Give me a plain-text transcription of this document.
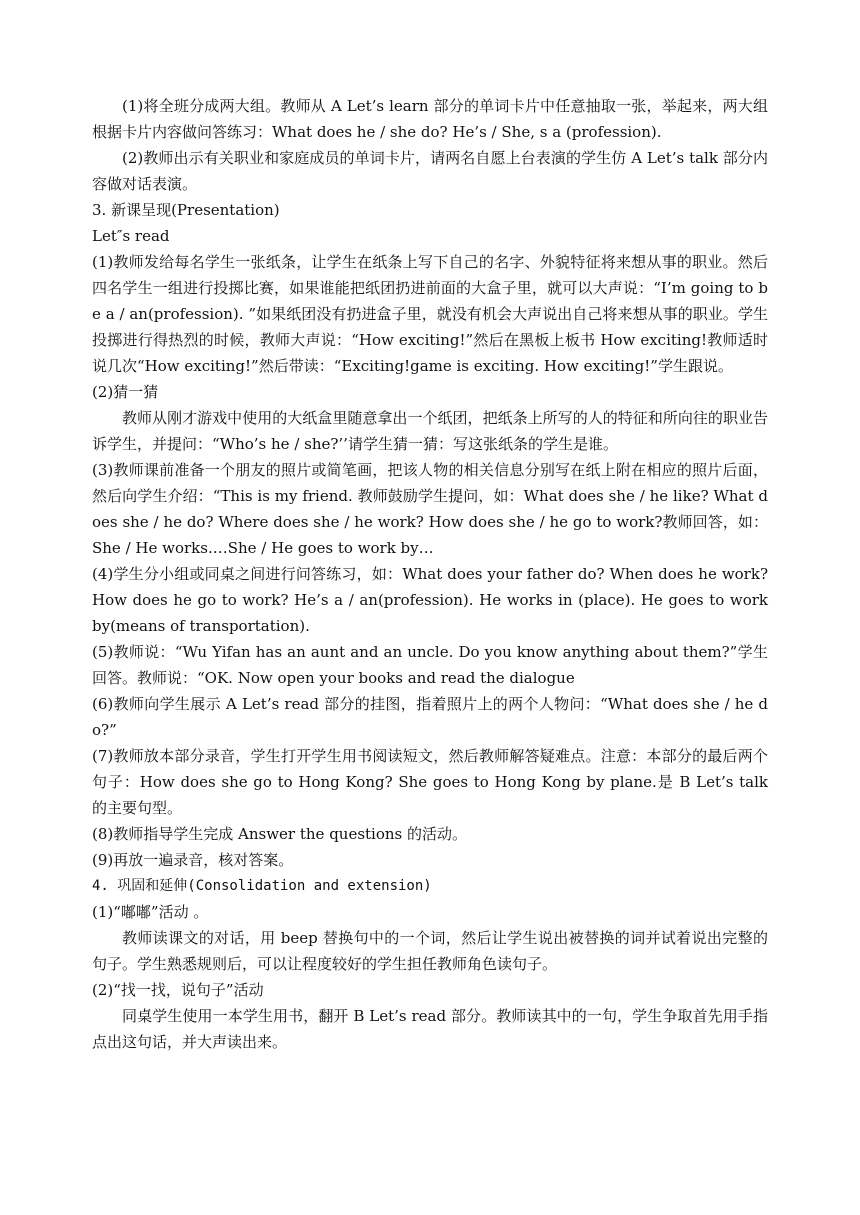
(1)将全班分成两大组。教师从 A Let’s learn 部分的单词卡片中任意抽取一张，举起来，两大组根据卡片内容做问答练习：What does he / she do? He’s / She, s a (profession).

(2)教师出示有关职业和家庭成员的单词卡片，请两名自愿上台表演的学生仿 A Let’s talk 部分内容做对话表演。

3. 新课呈现(Presentation)

Let″s read

(1)教师发给每名学生一张纸条，让学生在纸条上写下自己的名字、外貌特征将来想从事的职业。然后四名学生一组进行投掷比赛，如果谁能把纸团扔进前面的大盒子里，就可以大声说：“I’m going to be a / an(profession). ”如果纸团没有扔进盒子里，就没有机会大声说出自己将来想从事的职业。学生投掷进行得热烈的时候，教师大声说：“How exciting!”然后在黑板上板书 How exciting!教师适时说几次“How exciting!”然后带读：“Exciting!game is exciting. How exciting!”学生跟说。

(2)猜一猜

教师从刚才游戏中使用的大纸盒里随意拿出一个纸团，把纸条上所写的人的特征和所向往的职业告诉学生，并提问：“Who’s he / she?’’请学生猜一猜：写这张纸条的学生是谁。

(3)教师课前准备一个朋友的照片或简笔画，把该人物的相关信息分别写在纸上附在相应的照片后面，然后向学生介绍：“This is my friend. 教师鼓励学生提问，如：What does she / he like? What does she / he do? Where does she / he work? How does she / he go to work?教师回答，如：She / He works.…She / He goes to work by…

(4)学生分小组或同桌之间进行问答练习，如：What does your father do? When does he work? How does he go to work? He’s a / an(profession). He works in (place). He goes to work by(means of transportation).

(5)教师说：“Wu Yifan has an aunt and an uncle. Do you know anything about them?”学生回答。教师说：“OK. Now open your books and read the dialogue

(6)教师向学生展示 A Let’s read 部分的挂图，指着照片上的两个人物问：“What does she / he do?”

(7)教师放本部分录音，学生打开学生用书阅读短文，然后教师解答疑难点。注意：本部分的最后两个句子：How does she go to Hong Kong? She goes to Hong Kong by plane.是 B Let’s talk 的主要句型。

(8)教师指导学生完成 Answer the questions 的活动。

(9)再放一遍录音，核对答案。

4. 巩固和延伸(Consolidation and extension)

(1)“嘟嘟”活动 。

教师读课文的对话，用 beep 替换句中的一个词，然后让学生说出被替换的词并试着说出完整的句子。学生熟悉规则后，可以让程度较好的学生担任教师角色读句子。

(2)“找一找，说句子”活动

同桌学生使用一本学生用书，翻开 B Let’s read 部分。教师读其中的一句，学生争取首先用手指点出这句话，并大声读出来。
